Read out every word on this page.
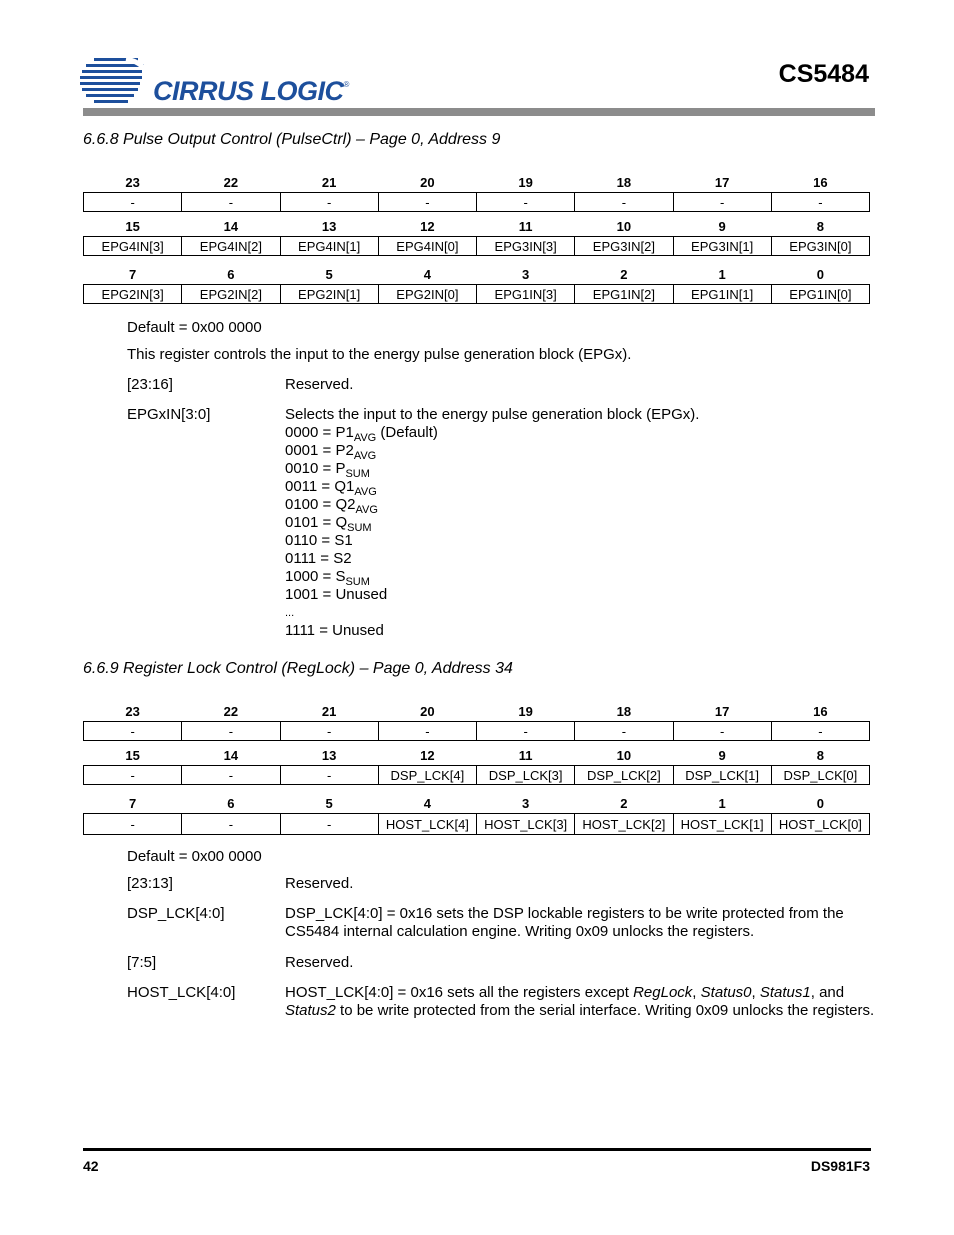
CIRRUS LOGIC®	CS5484
6.6.8 Pulse Output Control (PulseCtrl) – Page 0, Address 9
23	22	21	20	19	18	17	16
-	-	-	-	-	-	-	-
15	14	13	12	11	10	9	8
EPG4IN[3]	EPG4IN[2]	EPG4IN[1]	EPG4IN[0]	EPG3IN[3]	EPG3IN[2]	EPG3IN[1]	EPG3IN[0]
7	6	5	4	3	2	1	0
EPG2IN[3]	EPG2IN[2]	EPG2IN[1]	EPG2IN[0]	EPG1IN[3]	EPG1IN[2]	EPG1IN[1]	EPG1IN[0]
Default = 0x00 0000
This register controls the input to the energy pulse generation block (EPGx).
[23:16]	Reserved.
EPGxIN[3:0]	Selects the input to the energy pulse generation block (EPGx).
$0000 = P1_{AVG}$ (Default)
$0001 = P2_{AVG}$
$0010 = P_{SUM}$
$0011 = Q1_{AVG}$
$0100 = Q2_{AVG}$
$0101 = Q_{SUM}$
0110 = S1
0111 = S2
$1000 = S_{SUM}$
1001 = Unused
...
1111 = Unused
6.6.9 Register Lock Control (RegLock) – Page 0, Address 34
23	22	21	20	19	18	17	16
-	-	-	-	-	-	-	-
15	14	13	12	11	10	9	8
-	-	-	DSP_LCK[4]	DSP_LCK[3]	DSP_LCK[2]	DSP_LCK[1]	DSP_LCK[0]
7	6	5	4	3	2	1	0
-	-	-	HOST_LCK[4]	HOST_LCK[3]	HOST_LCK[2]	HOST_LCK[1]	HOST_LCK[0]
Default = 0x00 0000
[23:13]	Reserved.
DSP_LCK[4:0]	DSP_LCK[4:0] = 0x16 sets the DSP lockable registers to be write protected from the CS5484 internal calculation engine. Writing 0x09 unlocks the registers.
[7:5]	Reserved.
HOST_LCK[4:0]	HOST_LCK[4:0] = 0x16 sets all the registers except RegLock, Status0, Status1, and Status2 to be write protected from the serial interface. Writing 0x09 unlocks the registers.
42	DS981F3
